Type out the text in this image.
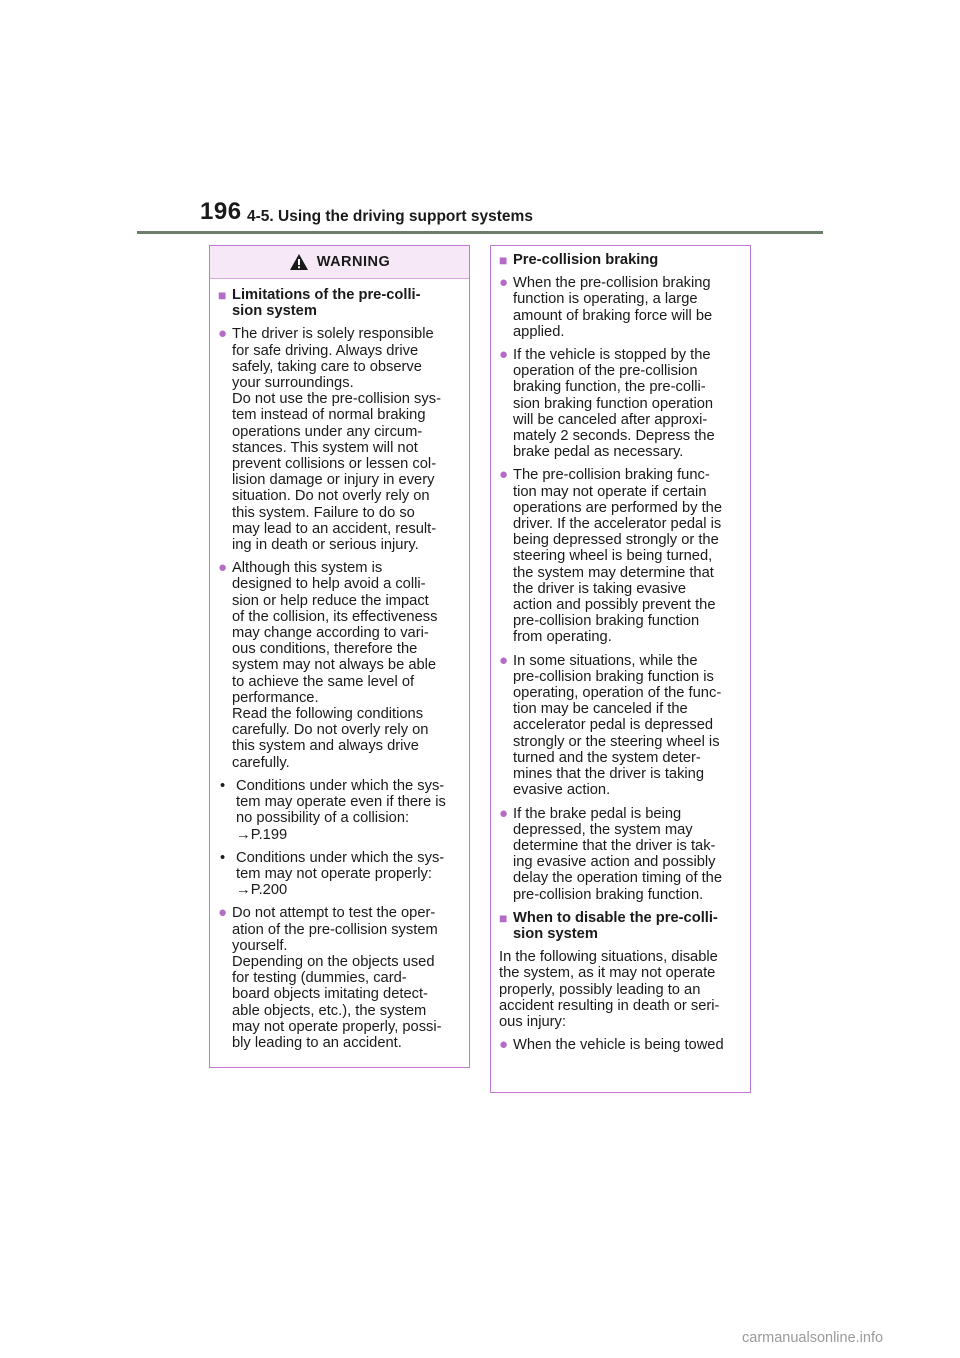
196 4-5. Using the driving support systems
WARNING
■ Limitations of the pre-colli-
sion system
● The driver is solely responsible
for safe driving. Always drive
safely, taking care to observe
your surroundings.
Do not use the pre-collision sys-
tem instead of normal braking
operations under any circum-
stances. This system will not
prevent collisions or lessen col-
lision damage or injury in every
situation. Do not overly rely on
this system. Failure to do so
may lead to an accident, result-
ing in death or serious injury.
● Although this system is
designed to help avoid a colli-
sion or help reduce the impact
of the collision, its effectiveness
may change according to vari-
ous conditions, therefore the
system may not always be able
to achieve the same level of
performance.
Read the following conditions
carefully. Do not overly rely on
this system and always drive
carefully.
• Conditions under which the sys-
tem may operate even if there is
no possibility of a collision:
→P.199
• Conditions under which the sys-
tem may not operate properly:
→P.200
● Do not attempt to test the oper-
ation of the pre-collision system
yourself.
Depending on the objects used
for testing (dummies, card-
board objects imitating detect-
able objects, etc.), the system
may not operate properly, possi-
bly leading to an accident.
■ Pre-collision braking
● When the pre-collision braking
function is operating, a large
amount of braking force will be
applied.
● If the vehicle is stopped by the
operation of the pre-collision
braking function, the pre-colli-
sion braking function operation
will be canceled after approxi-
mately 2 seconds. Depress the
brake pedal as necessary.
● The pre-collision braking func-
tion may not operate if certain
operations are performed by the
driver. If the accelerator pedal is
being depressed strongly or the
steering wheel is being turned,
the system may determine that
the driver is taking evasive
action and possibly prevent the
pre-collision braking function
from operating.
● In some situations, while the
pre-collision braking function is
operating, operation of the func-
tion may be canceled if the
accelerator pedal is depressed
strongly or the steering wheel is
turned and the system deter-
mines that the driver is taking
evasive action.
● If the brake pedal is being
depressed, the system may
determine that the driver is tak-
ing evasive action and possibly
delay the operation timing of the
pre-collision braking function.
■ When to disable the pre-colli-
sion system
In the following situations, disable
the system, as it may not operate
properly, possibly leading to an
accident resulting in death or seri-
ous injury:
● When the vehicle is being towed
carmanualsonline.info
